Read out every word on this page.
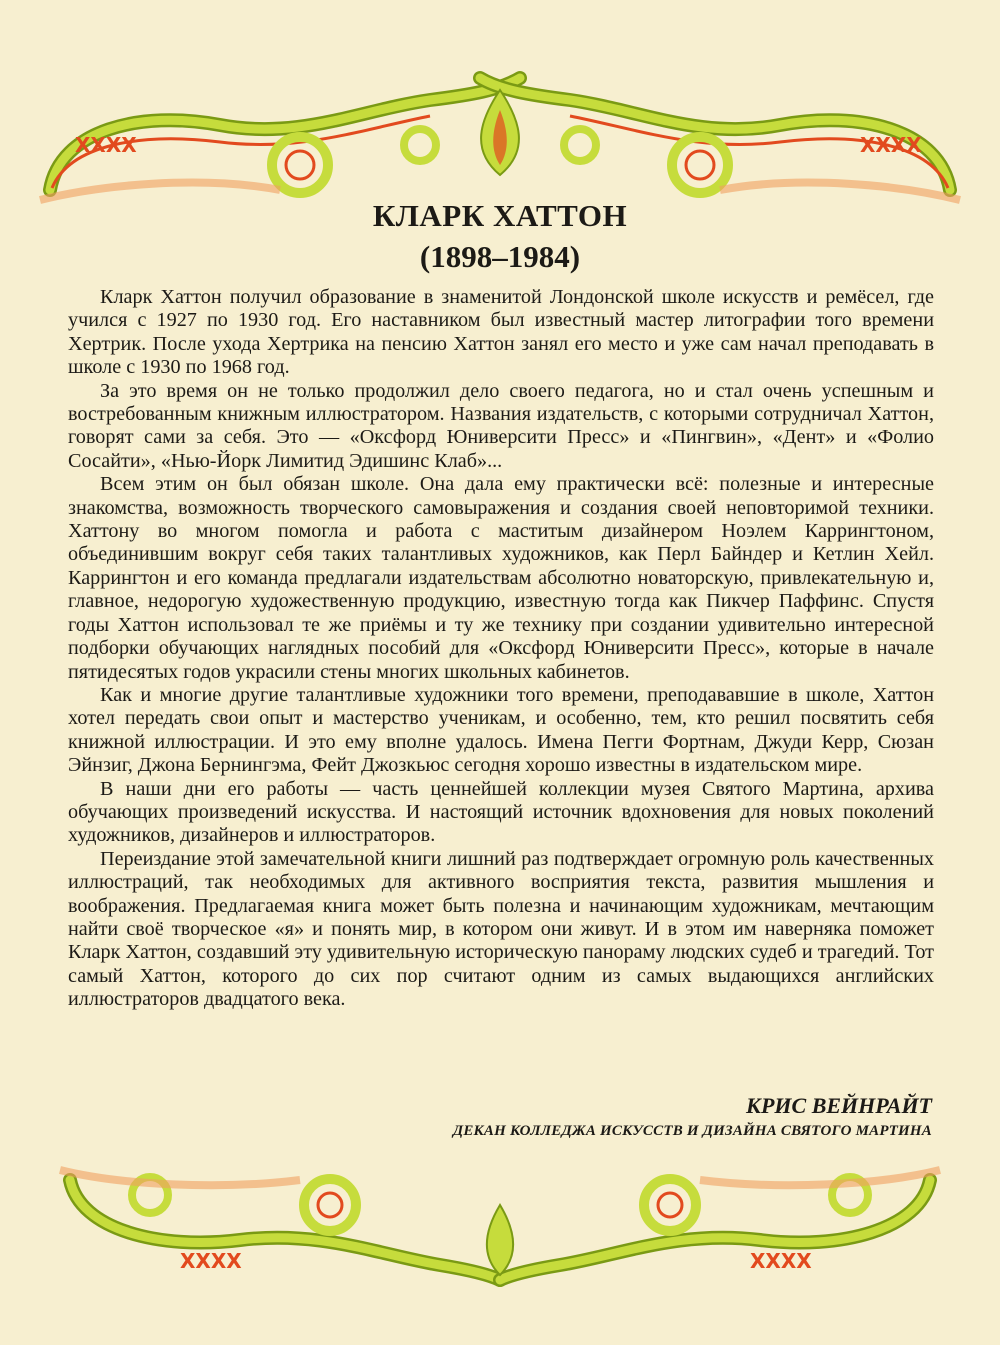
XXXX	XXXX
КЛАРК ХАТТОН
(1898–1984)

Кларк Хаттон получил образование в знаменитой Лондонской школе искусств и ремёсел, где учился с 1927 по 1930 год. Его наставником был известный мастер литографии того времени Хертрик. После ухода Хертрика на пенсию Хаттон занял его место и уже сам начал преподавать в школе с 1930 по 1968 год.

За это время он не только продолжил дело своего педагога, но и стал очень успешным и востребованным книжным иллюстратором. Названия издательств, с которыми сотрудничал Хаттон, говорят сами за себя. Это — «Оксфорд Юниверсити Пресс» и «Пингвин», «Дент» и «Фолио Сосайти», «Нью-Йорк Лимитид Эдишинс Клаб»...

Всем этим он был обязан школе. Она дала ему практически всё: полезные и интересные знакомства, возможность творческого самовыражения и создания своей неповторимой техники. Хаттону во многом помогла и работа с маститым дизайнером Ноэлем Каррингтоном, объединившим вокруг себя таких талантливых художников, как Перл Байндер и Кетлин Хейл. Каррингтон и его команда предлагали издательствам абсолютно новаторскую, привлекательную и, главное, недорогую художественную продукцию, известную тогда как Пикчер Паффинс. Спустя годы Хаттон использовал те же приёмы и ту же технику при создании удивительно интересной подборки обучающих наглядных пособий для «Оксфорд Юниверсити Пресс», которые в начале пятидесятых годов украсили стены многих школьных кабинетов.

Как и многие другие талантливые художники того времени, преподававшие в школе, Хаттон хотел передать свои опыт и мастерство ученикам, и особенно, тем, кто решил посвятить себя книжной иллюстрации. И это ему вполне удалось. Имена Пегги Фортнам, Джуди Керр, Сюзан Эйнзиг, Джона Бернингэма, Фейт Джозкьюс сегодня хорошо известны в издательском мире.

В наши дни его работы — часть ценнейшей коллекции музея Святого Мартина, архива обучающих произведений искусства. И настоящий источник вдохновения для новых поколений художников, дизайнеров и иллюстраторов.

Переиздание этой замечательной книги лишний раз подтверждает огромную роль качественных иллюстраций, так необходимых для активного восприятия текста, развития мышления и воображения. Предлагаемая книга может быть полезна и начинающим художникам, мечтающим найти своё творческое «я» и понять мир, в котором они живут. И в этом им наверняка поможет Кларк Хаттон, создавший эту удивительную историческую панораму людских судеб и трагедий. Тот самый Хаттон, которого до сих пор считают одним из самых выдающихся английских иллюстраторов двадцатого века.

КРИС ВЕЙНРАЙТ
ДЕКАН КОЛЛЕДЖА ИСКУССТВ И ДИЗАЙНА СВЯТОГО МАРТИНА
XXXX	XXXX
